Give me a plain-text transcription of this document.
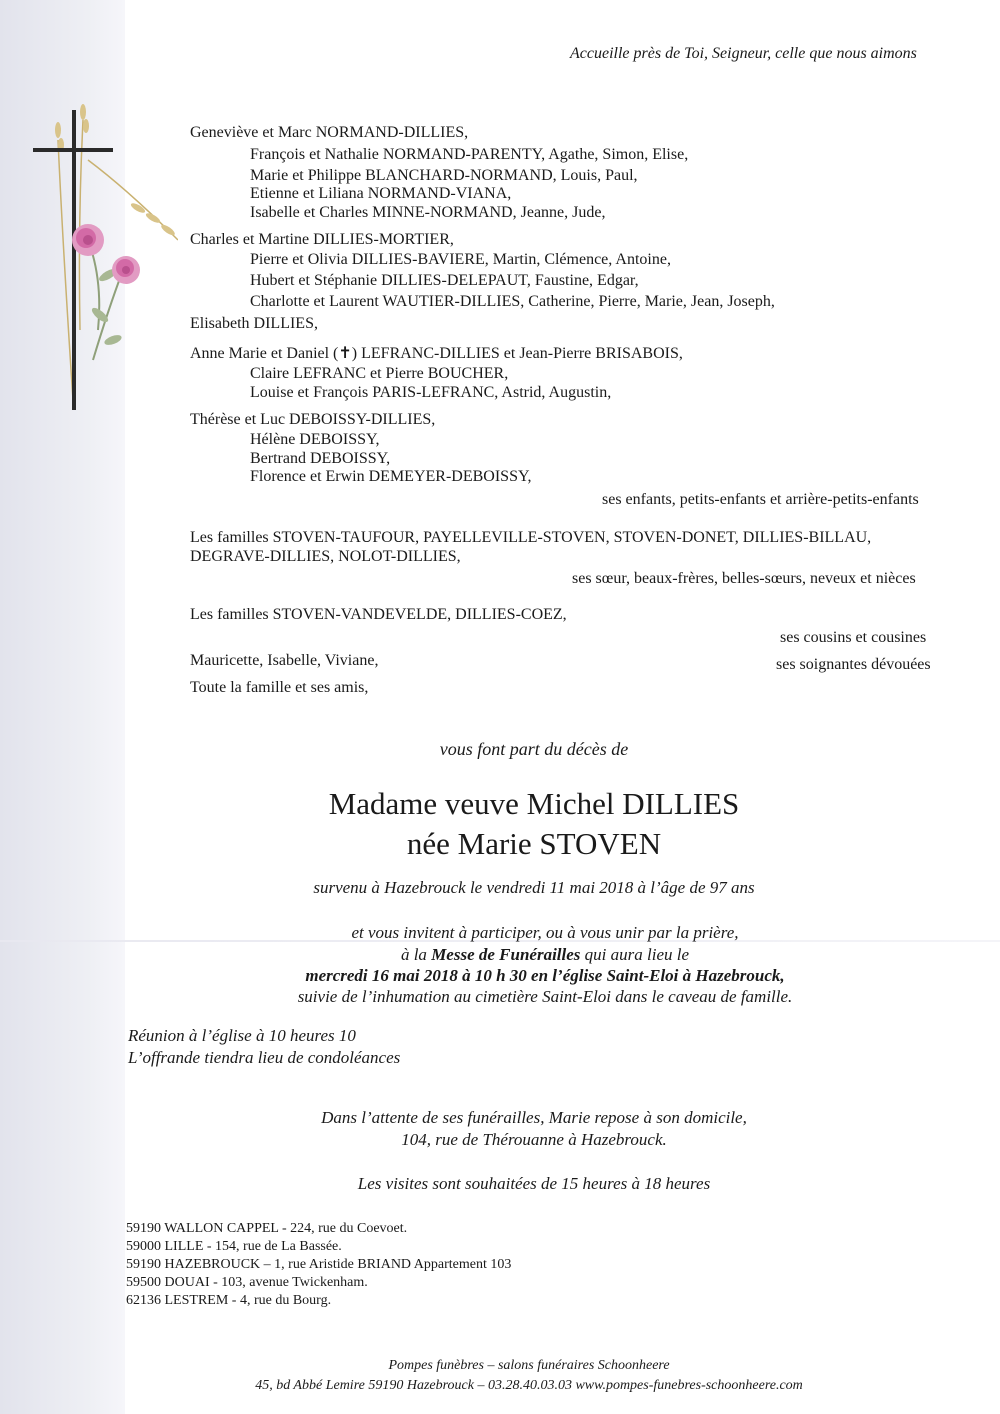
Accueille près de Toi, Seigneur, celle que nous aimons
Geneviève et Marc NORMAND-DILLIES,
François et Nathalie NORMAND-PARENTY, Agathe, Simon, Elise,
Marie et Philippe BLANCHARD-NORMAND, Louis, Paul,
Etienne et Liliana NORMAND-VIANA,
Isabelle et Charles MINNE-NORMAND, Jeanne, Jude,
Charles et Martine DILLIES-MORTIER,
Pierre et Olivia DILLIES-BAVIERE, Martin, Clémence, Antoine,
Hubert et Stéphanie DILLIES-DELEPAUT, Faustine, Edgar,
Charlotte et Laurent WAUTIER-DILLIES, Catherine, Pierre, Marie, Jean, Joseph,
Elisabeth DILLIES,
Anne Marie et Daniel (✝) LEFRANC-DILLIES et Jean-Pierre BRISABOIS,
Claire LEFRANC et Pierre BOUCHER,
Louise et François PARIS-LEFRANC, Astrid, Augustin,
Thérèse et Luc DEBOISSY-DILLIES,
Hélène DEBOISSY,
Bertrand DEBOISSY,
Florence et Erwin DEMEYER-DEBOISSY,
ses enfants, petits-enfants et arrière-petits-enfants
Les familles STOVEN-TAUFOUR, PAYELLEVILLE-STOVEN, STOVEN-DONET, DILLIES-BILLAU,
DEGRAVE-DILLIES, NOLOT-DILLIES,
ses sœur, beaux-frères, belles-sœurs, neveux et nièces
Les familles STOVEN-VANDEVELDE, DILLIES-COEZ,
ses cousins et cousines
Mauricette, Isabelle, Viviane,	ses soignantes dévouées
Toute la famille et ses amis,
vous font part du décès de
Madame veuve Michel DILLIES
née Marie STOVEN
survenu à Hazebrouck le vendredi 11 mai 2018 à l’âge de 97 ans
et vous invitent à participer, ou à vous unir par la prière,
à la Messe de Funérailles qui aura lieu le
mercredi 16 mai 2018 à 10 h 30 en l’église Saint-Eloi à Hazebrouck,
suivie de l’inhumation au cimetière Saint-Eloi dans le caveau de famille.
Réunion à l’église à 10 heures 10
L’offrande tiendra lieu de condoléances
Dans l’attente de ses funérailles, Marie repose à son domicile,
104, rue de Thérouanne à Hazebrouck.
Les visites sont souhaitées de 15 heures à 18 heures
59190 WALLON CAPPEL - 224, rue du Coevoet.
59000 LILLE - 154, rue de La Bassée.
59190 HAZEBROUCK – 1, rue Aristide BRIAND Appartement 103
59500 DOUAI - 103, avenue Twickenham.
62136 LESTREM - 4, rue du Bourg.
Pompes funèbres – salons funéraires Schoonheere
45, bd Abbé Lemire 59190 Hazebrouck – 03.28.40.03.03 www.pompes-funebres-schoonheere.com
